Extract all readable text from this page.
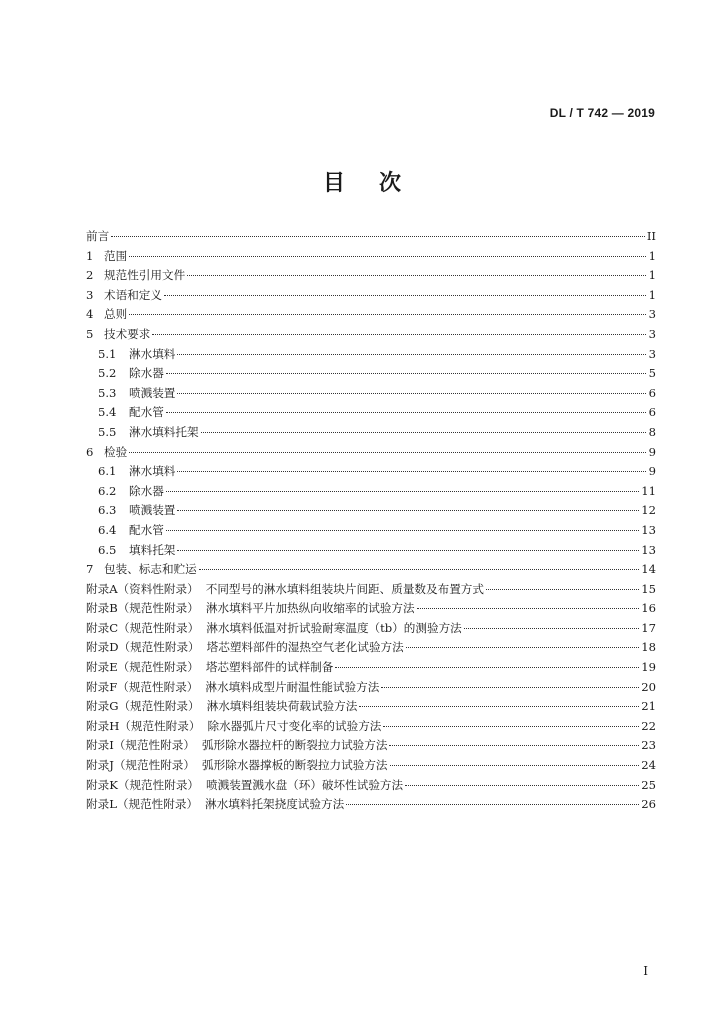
DL / T 742 — 2019
目 次
前言	II
1 范围	1
2 规范性引用文件	1
3 术语和定义	1
4 总则	3
5 技术要求	3
5.1	淋水填料	3
5.2	除水器	5
5.3	喷溅装置	6
5.4	配水管	6
5.5	淋水填料托架	8
6 检验	9
6.1	淋水填料	9
6.2	除水器	11
6.3	喷溅装置	12
6.4	配水管	13
6.5	填料托架	13
7 包装、标志和贮运	14
附录A（资料性附录） 不同型号的淋水填料组装块片间距、质量数及布置方式	15
附录B（规范性附录） 淋水填料平片加热纵向收缩率的试验方法	16
附录C（规范性附录） 淋水填料低温对折试验耐寒温度（tb）的测验方法	17
附录D（规范性附录） 塔芯塑料部件的湿热空气老化试验方法	18
附录E（规范性附录） 塔芯塑料部件的试样制备	19
附录F（规范性附录） 淋水填料成型片耐温性能试验方法	20
附录G（规范性附录） 淋水填料组装块荷载试验方法	21
附录H（规范性附录） 除水器弧片尺寸变化率的试验方法	22
附录I（规范性附录） 弧形除水器拉杆的断裂拉力试验方法	23
附录J（规范性附录） 弧形除水器撑板的断裂拉力试验方法	24
附录K（规范性附录） 喷溅装置溅水盘（环）破坏性试验方法	25
附录L（规范性附录） 淋水填料托架挠度试验方法	26
I
